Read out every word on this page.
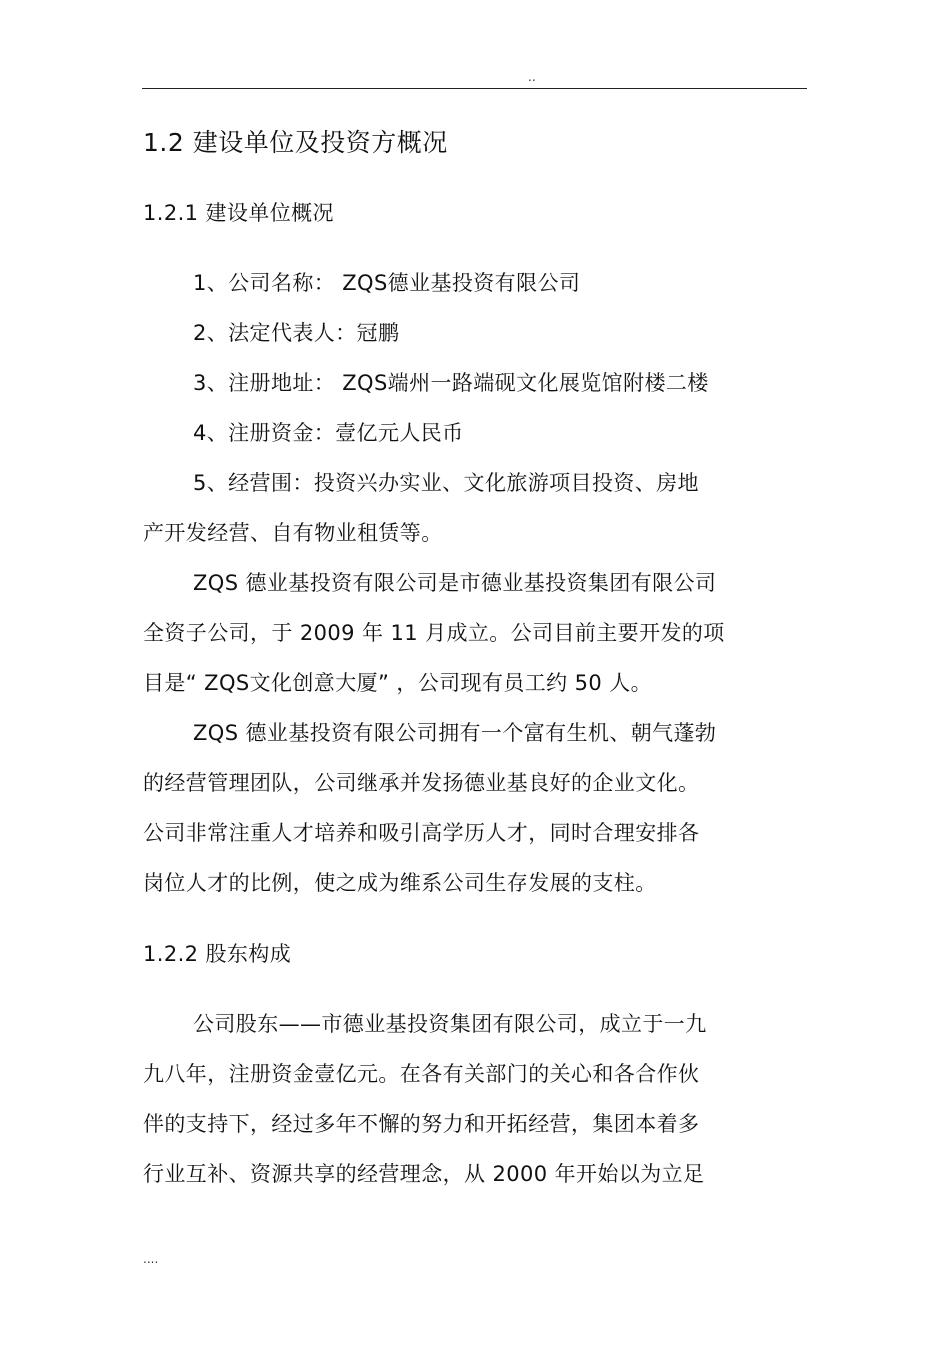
..
1.2 建设单位及投资方概况
1.2.1 建设单位概况
1、公司名称： ZQS德业基投资有限公司
2、法定代表人：冠鹏
3、注册地址： ZQS端州一路端砚文化展览馆附楼二楼
4、注册资金：壹亿元人民币
5、经营围：投资兴办实业、文化旅游项目投资、房地
产开发经营、自有物业租赁等。
ZQS 德业基投资有限公司是市德业基投资集团有限公司
全资子公司，于 2009 年 11 月成立。公司目前主要开发的项
目是“ ZQS文化创意大厦” ，公司现有员工约 50 人。
ZQS 德业基投资有限公司拥有一个富有生机、朝气蓬勃
的经营管理团队，公司继承并发扬德业基良好的企业文化。
公司非常注重人才培养和吸引高学历人才，同时合理安排各
岗位人才的比例，使之成为维系公司生存发展的支柱。
1.2.2 股东构成
公司股东——市德业基投资集团有限公司，成立于一九
九八年，注册资金壹亿元。在各有关部门的关心和各合作伙
伴的支持下，经过多年不懈的努力和开拓经营，集团本着多
行业互补、资源共享的经营理念，从 2000 年开始以为立足
....
